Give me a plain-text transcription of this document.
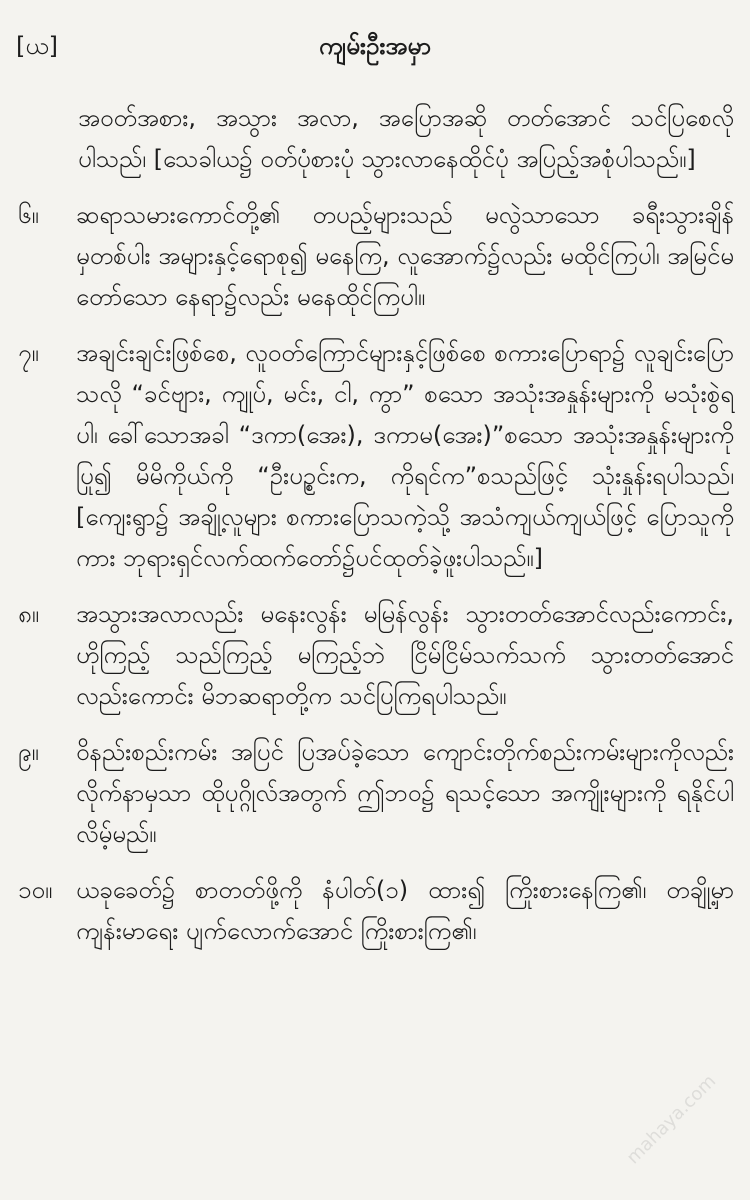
[ယ]	ကျမ်းဦးအမှာ
အဝတ်အစား, အသွား အလာ, အပြောအဆို တတ်အောင် သင်ပြစေလိုပါသည်၊ [သေခါယ၌ ဝတ်ပုံစားပုံ သွားလာနေထိုင်ပုံ အပြည့်အစုံပါသည်။]
၆။	ဆရာသမားကောင်တို့၏ တပည့်များသည် မလွဲသာသော ခရီးသွားချိန်မှတစ်ပါး အများနှင့်ရောစု၍ မနေကြ, လူအောက်၌လည်း မထိုင်ကြပါ၊ အမြင်မတော်သော နေရာ၌လည်း မနေထိုင်ကြပါ။
၇။	အချင်းချင်းဖြစ်စေ, လူဝတ်ကြောင်များနှင့်ဖြစ်စေ စကားပြောရာ၌ လူချင်းပြောသလို “ခင်ဗျား, ကျုပ်, မင်း, ငါ, ကွာ” စသော အသုံးအနှုန်းများကို မသုံးစွဲရပါ၊ ခေါ်သောအခါ “ဒကာ(အေး), ဒကာမ(အေး)”စသော အသုံးအနှုန်းများကို ပြု၍ မိမိကိုယ်ကို “ဦးပဥ္စင်းက, ကိုရင်က”စသည်ဖြင့် သုံးနှုန်းရပါသည်၊ [ကျေးရွာ၌ အချို့လူများ စကားပြောသကဲ့သို့ အသံကျယ်ကျယ်ဖြင့် ပြောသူကိုကား ဘုရားရှင်လက်ထက်တော်၌ပင်ထုတ်ခဲ့ဖူးပါသည်။]
၈။	အသွားအလာလည်း မနေးလွန်း မမြန်လွန်း သွားတတ်အောင်လည်းကောင်း, ဟိုကြည့် သည်ကြည့် မကြည့်ဘဲ ငြိမ်ငြိမ်သက်သက် သွားတတ်အောင်လည်းကောင်း မိဘဆရာတို့က သင်ပြကြရပါသည်။
၉။	ဝိနည်းစည်းကမ်း အပြင် ပြအပ်ခဲ့သော ကျောင်းတိုက်စည်းကမ်းများကိုလည်း လိုက်နာမှသာ ထိုပုဂ္ဂိုလ်အတွက် ဤဘဝ၌ ရသင့်သော အကျိုးများကို ရနိုင်ပါလိမ့်မည်။
၁၀။ ယခုခေတ်၌ စာတတ်ဖို့ကို နံပါတ်(၁) ထား၍ ကြိုးစားနေကြ၏၊ တချို့မှာ ကျန်းမာရေး ပျက်လောက်အောင် ကြိုးစားကြ၏၊
mahaya.com
